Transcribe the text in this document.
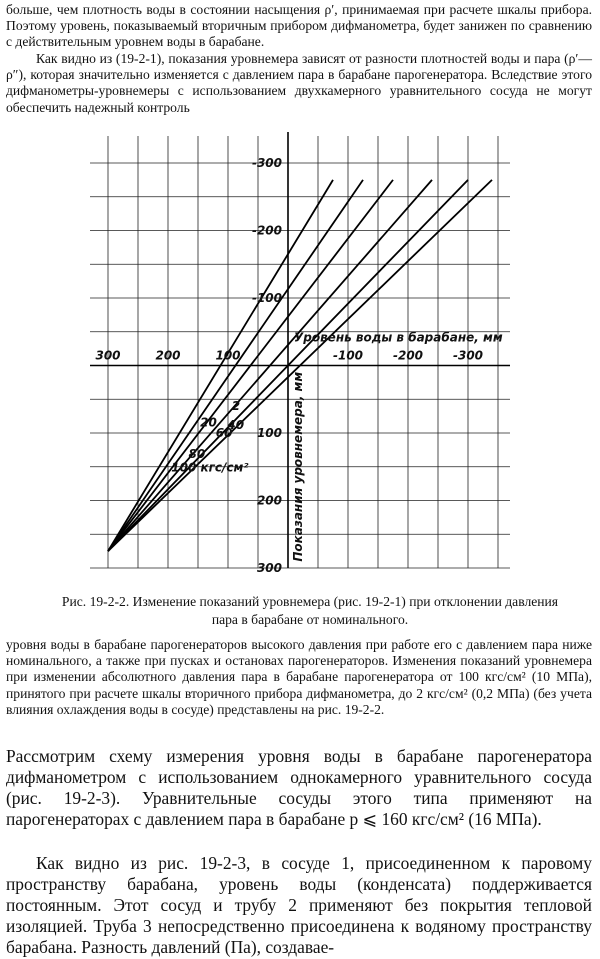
больше, чем плотность воды в состоянии насыщения ρ′, принимаемая при расчете шкалы прибора. Поэтому уровень, показываемый вторичным прибором дифманометра, будет занижен по сравнению с действительным уровнем воды в барабане.

Как видно из (19-2-1), показания уровнемера зависят от разности плотностей воды и пара (ρ′—ρ″), которая значительно изменяется с давлением пара в барабане парогенератора. Вследствие этого дифманометры-уровнемеры с использованием двухкамерного уравнительного сосуда не могут обеспечить надежный контроль

300	200	100	-100 -200 -300
-300
-200
-100
100
200
300
Уровень воды в барабане, мм
Показания уровнемера, мм
100 кгс/см²
80
60
40
20
2

Рис. 19-2-2. Изменение показаний уровнемера (рис. 19-2-1) при отклонении давления пара в барабане от номинального.

уровня воды в барабане парогенераторов высокого давления при работе его с давлением пара ниже номинального, а также при пусках и остановах парогенераторов. Изменения показаний уровнемера при изменении абсолютного давления пара в барабане парогенератора от 100 кгс/см² (10 МПа), принятого при расчете шкалы вторичного прибора дифманометра, до 2 кгс/см² (0,2 МПа) (без учета влияния охлаждения воды в сосуде) представлены на рис. 19-2-2.

Рассмотрим схему измерения уровня воды в барабане парогенератора дифманометром с использованием однокамерного уравнительного сосуда (рис. 19-2-3). Уравнительные сосуды этого типа применяют на парогенераторах с давлением пара в барабане p ⩽ 160 кгс/см² (16 МПа).

Как видно из рис. 19-2-3, в сосуде 1, присоединенном к паровому пространству барабана, уровень воды (конденсата) поддерживается постоянным. Этот сосуд и трубу 2 применяют без покрытия тепловой изоляцией. Труба 3 непосредственно присоединена к водяному пространству барабана. Разность давлений (Па), создавае-
